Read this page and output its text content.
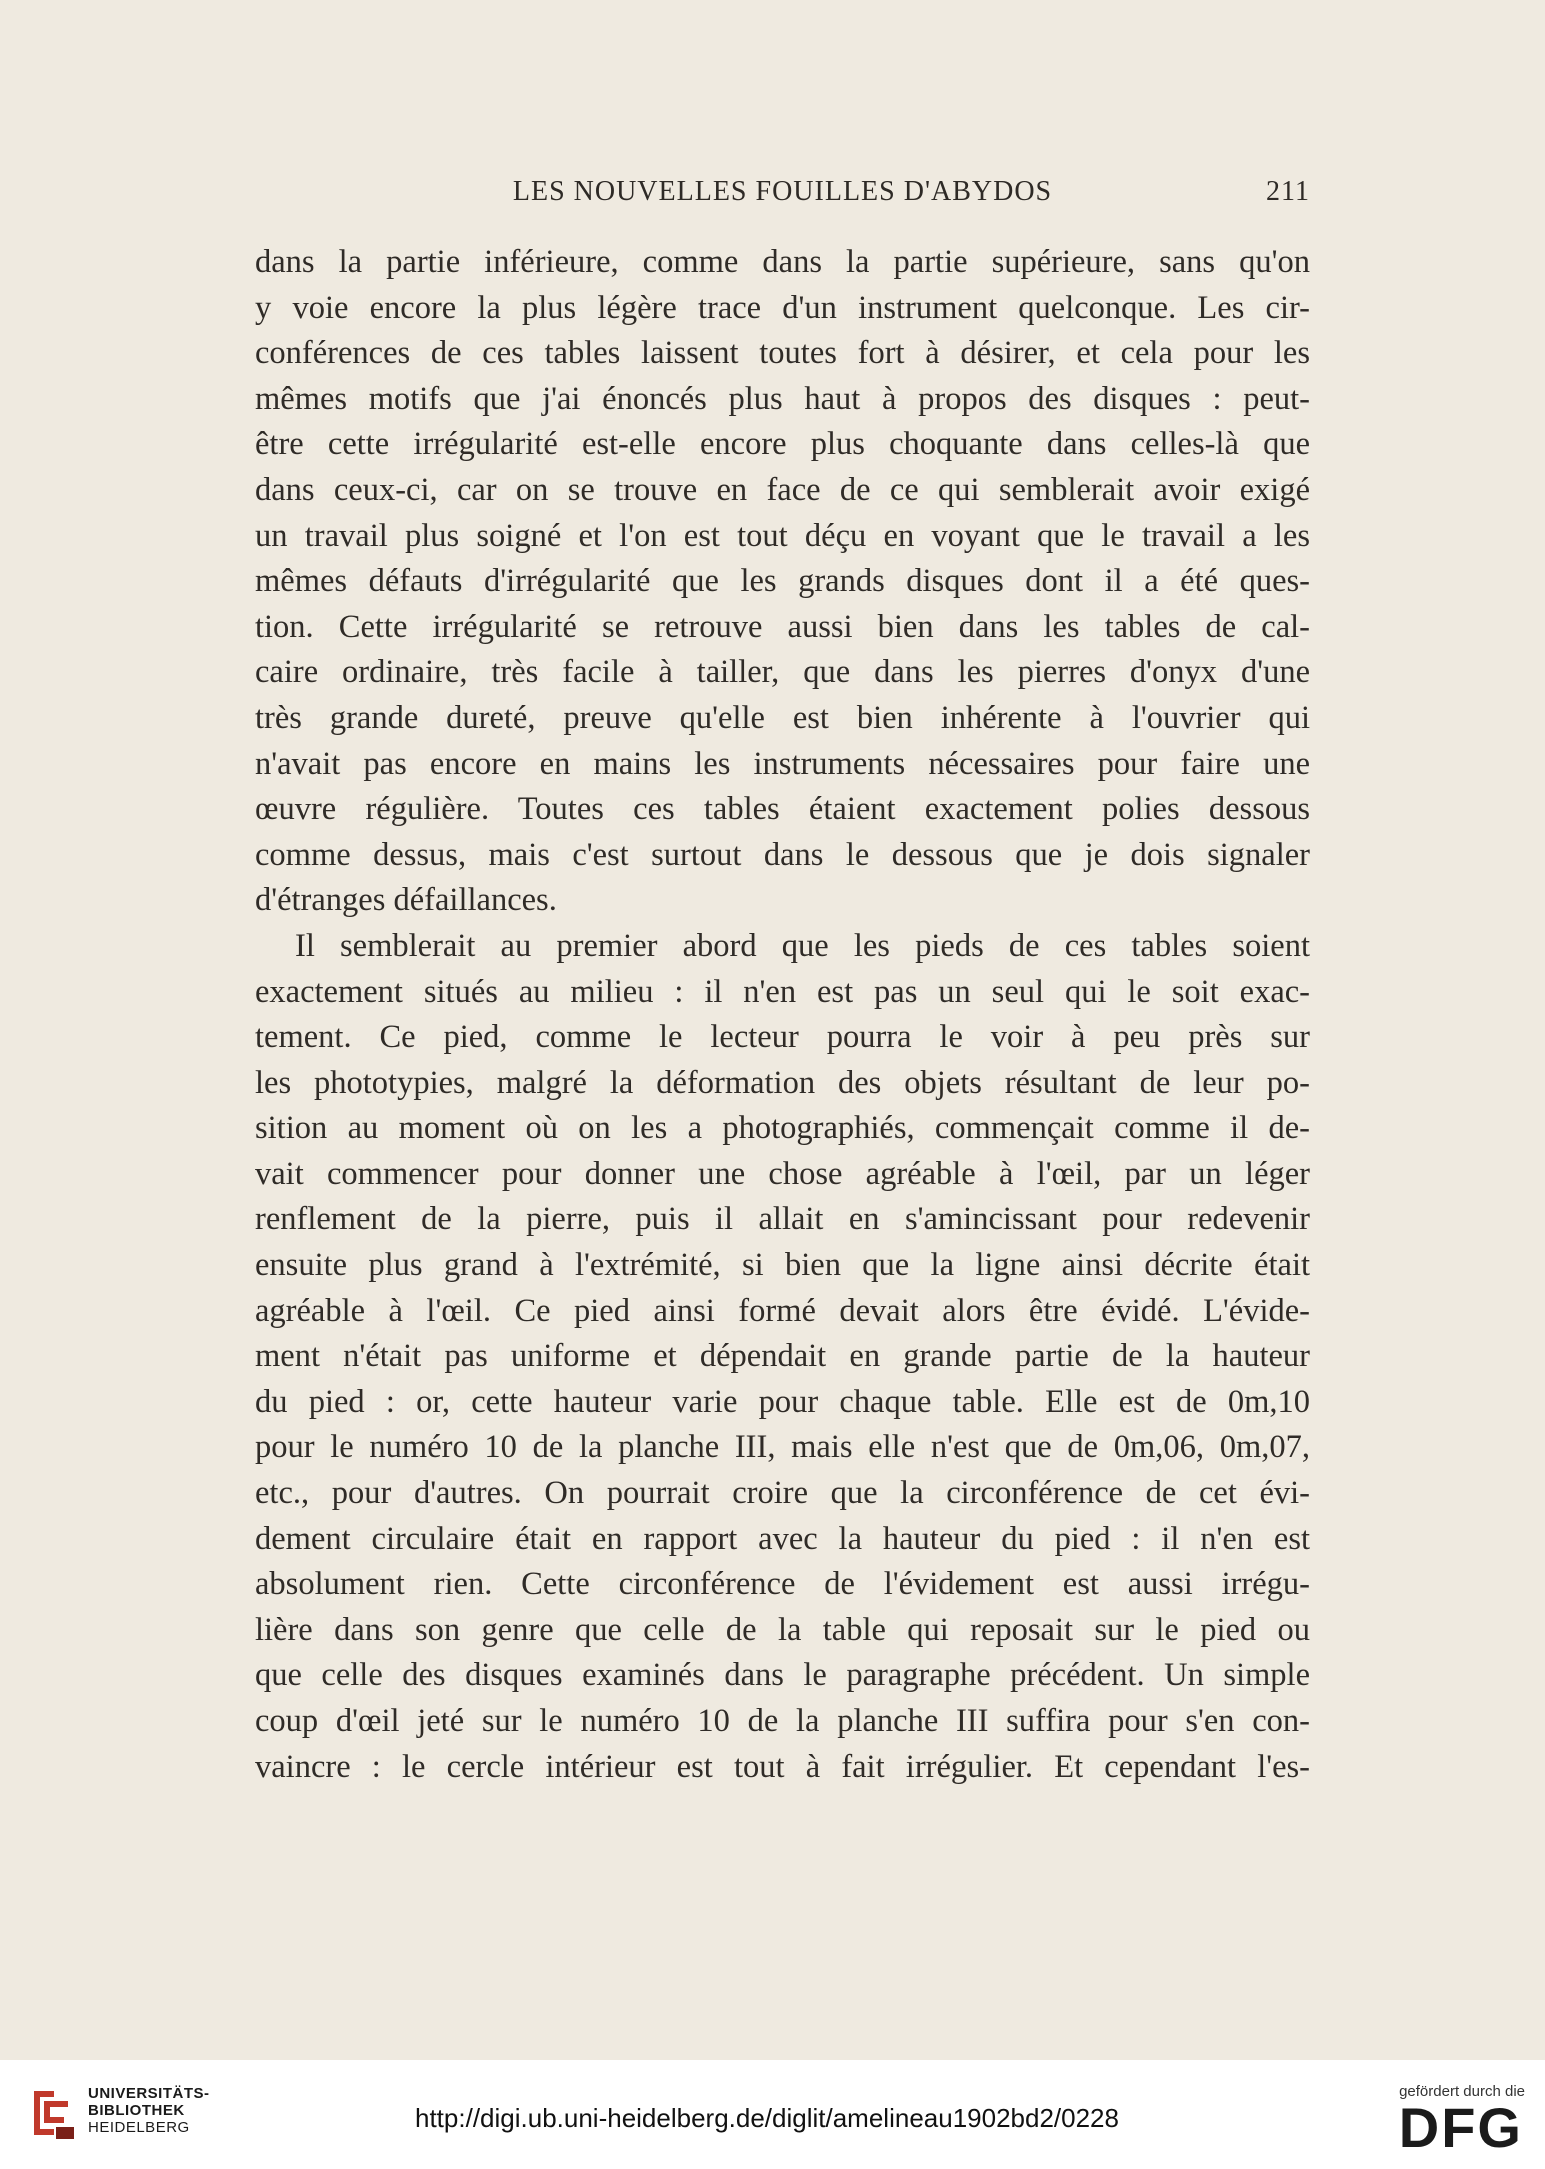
LES NOUVELLES FOUILLES D'ABYDOS	211
dans la partie inférieure, comme dans la partie supérieure, sans qu'on
y voie encore la plus légère trace d'un instrument quelconque. Les cir-
conférences de ces tables laissent toutes fort à désirer, et cela pour les
mêmes motifs que j'ai énoncés plus haut à propos des disques : peut-
être cette irrégularité est-elle encore plus choquante dans celles-là que
dans ceux-ci, car on se trouve en face de ce qui semblerait avoir exigé
un travail plus soigné et l'on est tout déçu en voyant que le travail a les
mêmes défauts d'irrégularité que les grands disques dont il a été ques-
tion. Cette irrégularité se retrouve aussi bien dans les tables de cal-
caire ordinaire, très facile à tailler, que dans les pierres d'onyx d'une
très grande dureté, preuve qu'elle est bien inhérente à l'ouvrier qui
n'avait pas encore en mains les instruments nécessaires pour faire une
œuvre régulière. Toutes ces tables étaient exactement polies dessous
comme dessus, mais c'est surtout dans le dessous que je dois signaler
d'étranges défaillances.
Il semblerait au premier abord que les pieds de ces tables soient
exactement situés au milieu : il n'en est pas un seul qui le soit exac-
tement. Ce pied, comme le lecteur pourra le voir à peu près sur
les phototypies, malgré la déformation des objets résultant de leur po-
sition au moment où on les a photographiés, commençait comme il de-
vait commencer pour donner une chose agréable à l'œil, par un léger
renflement de la pierre, puis il allait en s'amincissant pour redevenir
ensuite plus grand à l'extrémité, si bien que la ligne ainsi décrite était
agréable à l'œil. Ce pied ainsi formé devait alors être évidé. L'évide-
ment n'était pas uniforme et dépendait en grande partie de la hauteur
du pied : or, cette hauteur varie pour chaque table. Elle est de 0m,10
pour le numéro 10 de la planche III, mais elle n'est que de 0m,06, 0m,07,
etc., pour d'autres. On pourrait croire que la circonférence de cet évi-
dement circulaire était en rapport avec la hauteur du pied : il n'en est
absolument rien. Cette circonférence de l'évidement est aussi irrégu-
lière dans son genre que celle de la table qui reposait sur le pied ou
que celle des disques examinés dans le paragraphe précédent. Un simple
coup d'œil jeté sur le numéro 10 de la planche III suffira pour s'en con-
vaincre : le cercle intérieur est tout à fait irrégulier. Et cependant l'es-
UNIVERSITÄTS-
BIBLIOTHEK
HEIDELBERG	http://digi.ub.uni-heidelberg.de/diglit/amelineau1902bd2/0228
gefördert durch die
DFG
